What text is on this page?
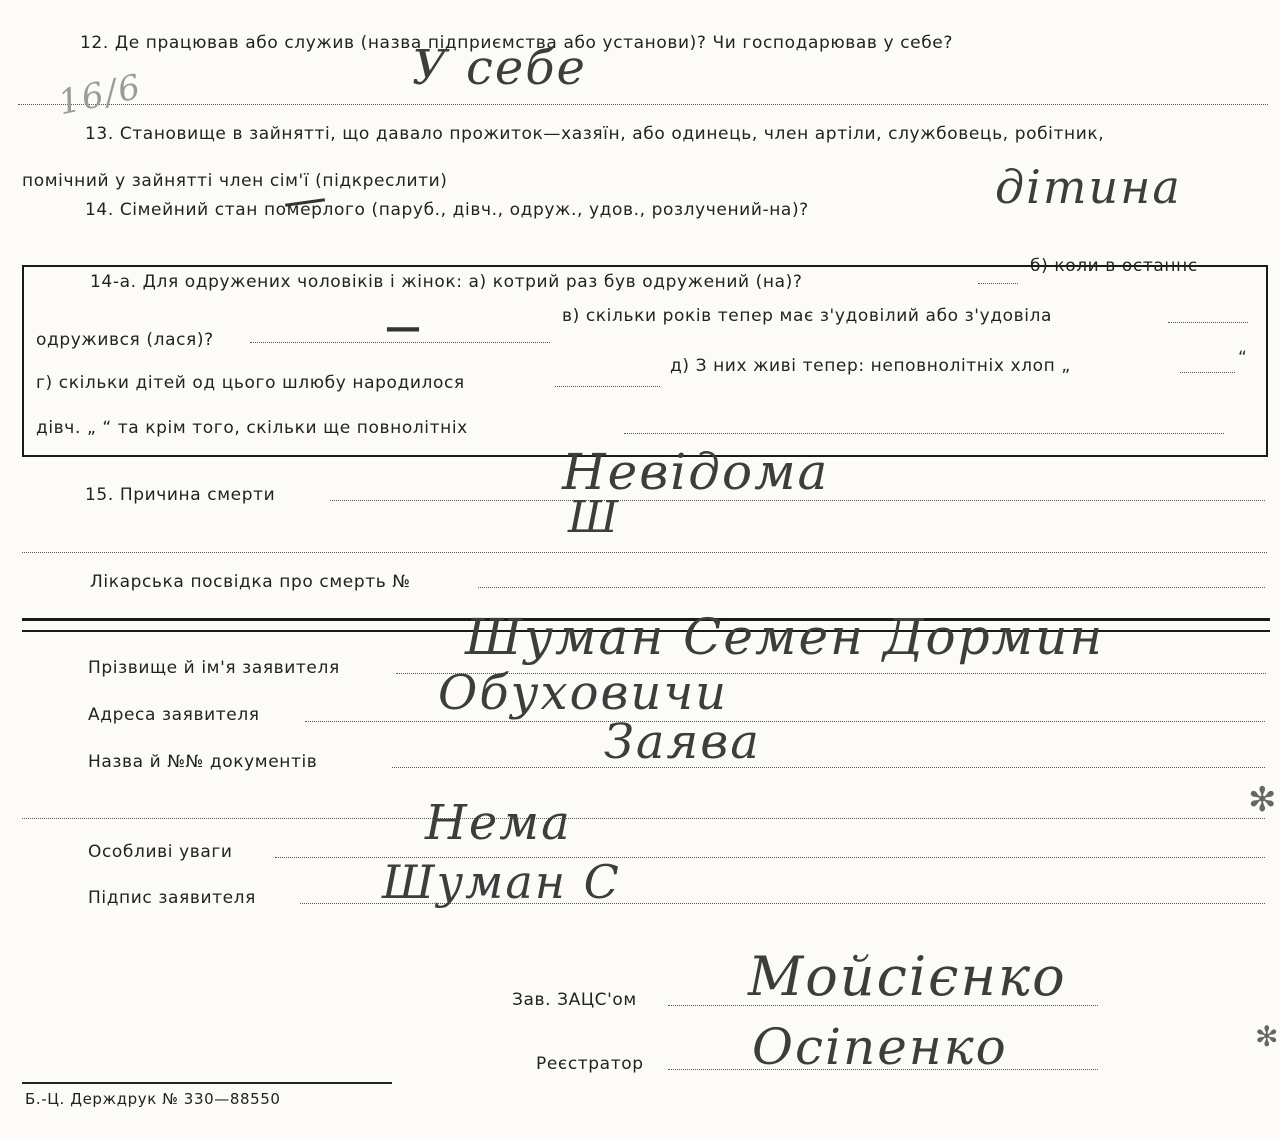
12. Де працював або служив (назва підприємства або установи)? Чи господарював у себе?
У себе
16/6
13. Становище в зайнятті, що давало прожиток—хазяїн, або одинець, член артіли, службовець, робітник,
помічний у зайнятті член сім'ї (підкреслити)
14. Сімейний стан померлого (паруб., дівч., одруж., удов., розлучений-на)?	дітина
14-а. Для одружених чоловіків і жінок: а) котрий раз був одружений (на)?
б) коли в останнє
одружився (лася)?	—	в) скільки років тепер має з'удовілий або з'удовіла
г) скільки дітей од цього шлюбу народилося
д) З них живі тепер: неповнолітніх хлоп „	“
дівч. „ “ та крім того, скільки ще повнолітніх
15. Причина смерти	Невідома
Ш
Лікарська посвідка про смерть №
Прізвище й ім'я заявителя
Шуман Семен Дормин
Адреса заявителя	Обуховичи
Назва й №№ документів	Заява
Особливі уваги
Нема
Підпис заявителя	Шуман С
Зав. ЗАЦС'ом Мойсієнко
Реєстратор Осіпенко
Б.-Ц. Держдрук № 330—88550
✻
✻
